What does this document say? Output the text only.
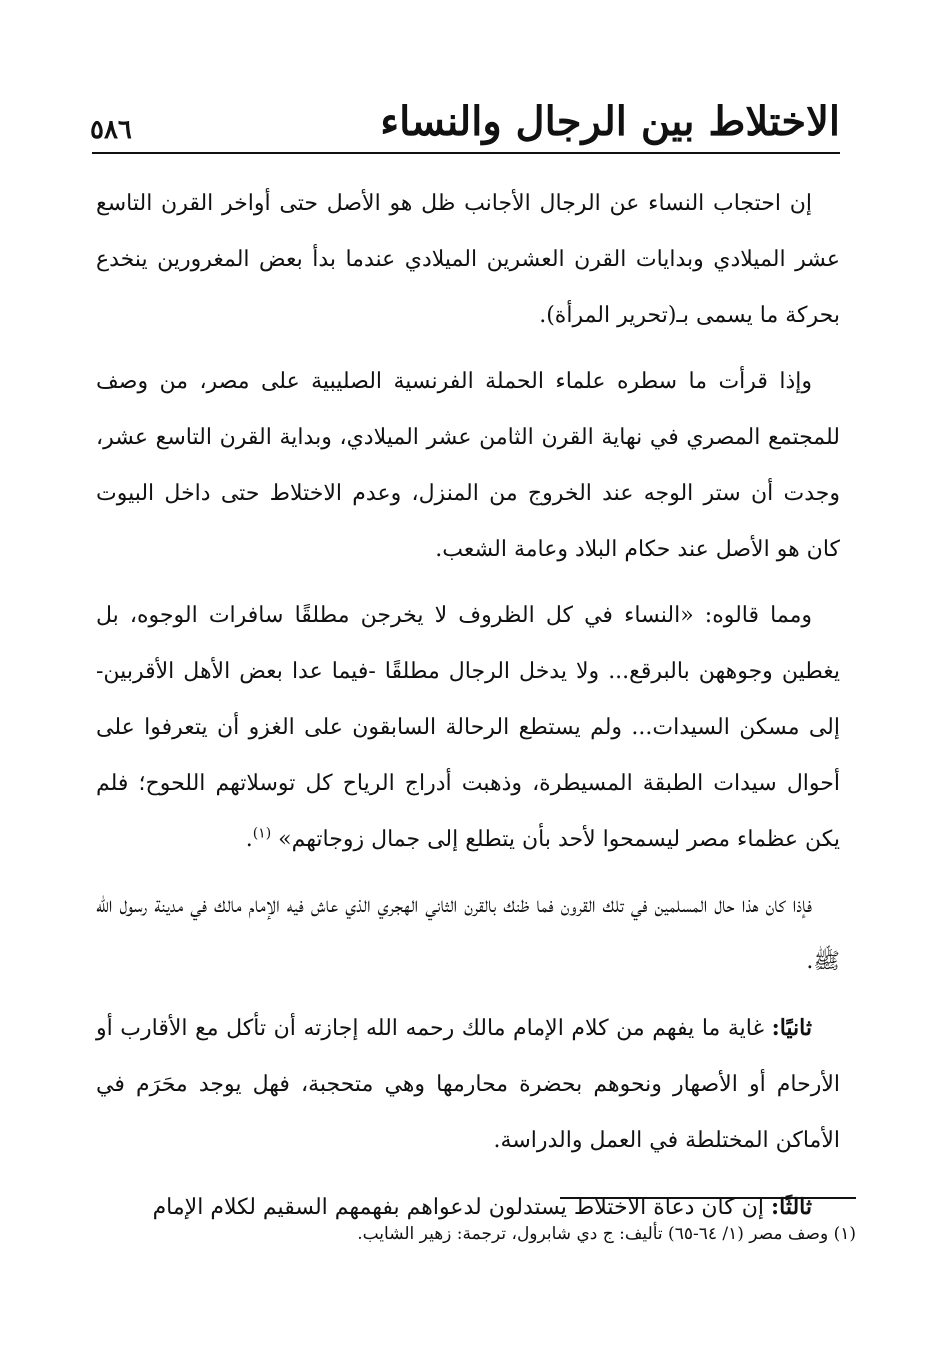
الاختلاط بين الرجال والنساء
٥٨٦

إن احتجاب النساء عن الرجال الأجانب ظل هو الأصل حتى أواخر القرن التاسع عشر الميلادي وبدايات القرن العشرين الميلادي عندما بدأ بعض المغرورين ينخدع بحركة ما يسمى بـ(تحرير المرأة).

وإذا قرأت ما سطره علماء الحملة الفرنسية الصليبية على مصر، من وصف للمجتمع المصري في نهاية القرن الثامن عشر الميلادي، وبداية القرن التاسع عشر، وجدت أن ستر الوجه عند الخروج من المنزل، وعدم الاختلاط حتى داخل البيوت كان هو الأصل عند حكام البلاد وعامة الشعب.

ومما قالوه: «النساء في كل الظروف لا يخرجن مطلقًا سافرات الوجوه، بل يغطين وجوههن بالبرقع... ولا يدخل الرجال مطلقًا -فيما عدا بعض الأهل الأقربين- إلى مسكن السيدات... ولم يستطع الرحالة السابقون على الغزو أن يتعرفوا على أحوال سيدات الطبقة المسيطرة، وذهبت أدراج الرياح كل توسلاتهم اللحوح؛ فلم يكن عظماء مصر ليسمحوا لأحد بأن يتطلع إلى جمال زوجاتهم» $^{(١)}$.

فإذا كان هذا حال المسلمين في تلك القرون فما ظنك بالقرن الثاني الهجري الذي عاش فيه الإمام مالك في مدينة رسول الله ﷺ.

ثانيًا: غاية ما يفهم من كلام الإمام مالك رحمه الله إجازته أن تأكل مع الأقارب أو الأرحام أو الأصهار ونحوهم بحضرة محارمها وهي متحجبة، فهل يوجد محَرَم في الأماكن المختلطة في العمل والدراسة.

ثالثًا: إن كان دعاة الاختلاط يستدلون لدعواهم بفهمهم السقيم لكلام الإمام

(١) وصف مصر (١/ ٦٤-٦٥) تأليف: ج دي شابرول، ترجمة: زهير الشايب.
